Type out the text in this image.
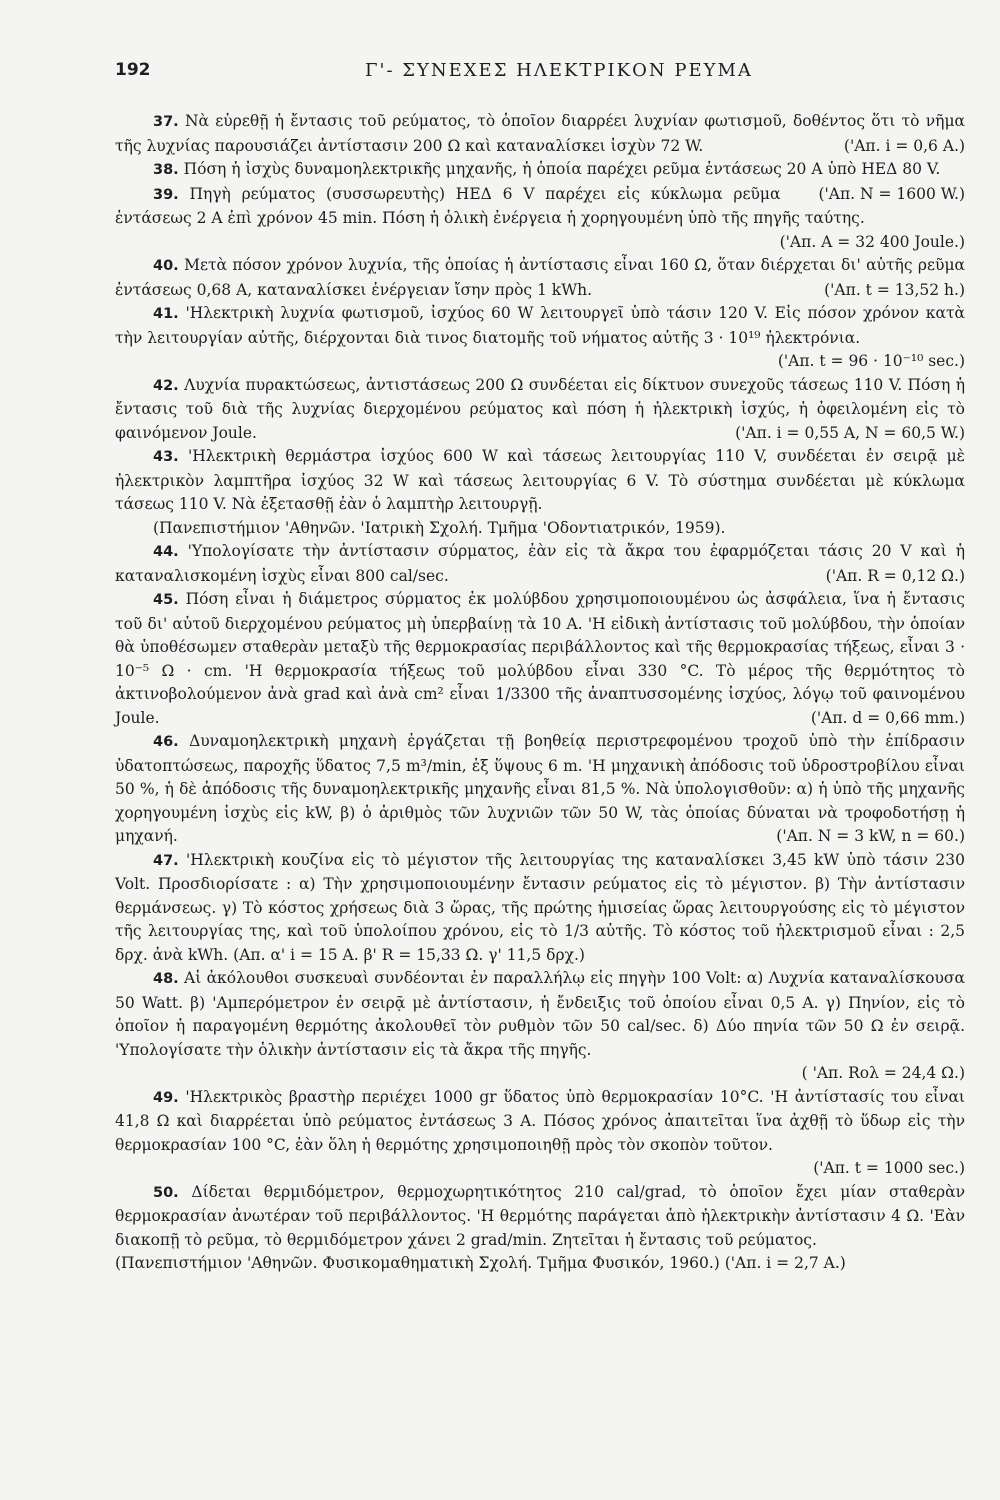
192	Γ'- ΣΥΝΕΧΕΣ ΗΛΕΚΤΡΙΚΟΝ ΡΕΥΜΑ

37. Νὰ εὑρεθῇ ἡ ἔντασις τοῦ ρεύματος, τὸ ὁποῖον διαρρέει λυχνίαν φωτισμοῦ, δοθέντος ὅτι τὸ νῆμα τῆς λυχνίας παρουσιάζει ἀντίστασιν 200 Ω καὶ καταναλίσκει ἰσχὺν 72 W.	('Απ. i = 0,6 Α.)

38. Πόση ἡ ἰσχὺς δυναμοηλεκτρικῆς μηχανῆς, ἡ ὁποία παρέχει ρεῦμα ἐντάσεως 20 Α ὑπὸ ΗΕΔ 80 V.
('Απ. N = 1600 W.)

39. Πηγὴ ρεύματος (συσσωρευτὴς) ΗΕΔ 6 V παρέχει εἰς κύκλωμα ρεῦμα ἐντάσεως 2 Α ἐπὶ χρόνον 45 min. Πόση ἡ ὁλικὴ ἐνέργεια ἡ χορηγουμένη ὑπὸ τῆς πηγῆς ταύτης.

('Απ. A = 32 400 Joule.)

40. Μετὰ πόσον χρόνον λυχνία, τῆς ὁποίας ἡ ἀντίστασις εἶναι 160 Ω, ὅταν διέρχεται δι' αὐτῆς ρεῦμα ἐντάσεως 0,68 Α, καταναλίσκει ἐνέργειαν ἴσην πρὸς 1 kWh.	('Απ. t = 13,52 h.)

41. 'Ηλεκτρικὴ λυχνία φωτισμοῦ, ἰσχύος 60 W λειτουργεῖ ὑπὸ τάσιν 120 V. Εἰς πόσον χρόνον κατὰ τὴν λειτουργίαν αὐτῆς, διέρχονται διὰ τινος διατομῆς τοῦ νήματος αὐτῆς 3 · 10¹⁹ ἠλεκτρόνια.

('Απ. t = 96 · 10⁻¹⁰ sec.)

42. Λυχνία πυρακτώσεως, ἀντιστάσεως 200 Ω συνδέεται εἰς δίκτυον συνεχοῦς τάσεως 110 V. Πόση ἡ ἔντασις τοῦ διὰ τῆς λυχνίας διερχομένου ρεύματος καὶ πόση ἡ ἠλεκτρικὴ ἰσχύς, ἡ ὀφειλομένη εἰς τὸ φαινόμενον Joule.	('Απ. i = 0,55 A, N = 60,5 W.)

43. 'Ηλεκτρικὴ θερμάστρα ἰσχύος 600 W καὶ τάσεως λειτουργίας 110 V, συνδέεται ἐν σειρᾷ μὲ ἠλεκτρικὸν λαμπτῆρα ἰσχύος 32 W καὶ τάσεως λειτουργίας 6 V. Τὸ σύστημα συνδέεται μὲ κύκλωμα τάσεως 110 V. Νὰ ἐξετασθῇ ἐὰν ὁ λαμπτὴρ λειτουργῇ.

(Πανεπιστήμιον 'Αθηνῶν. 'Ιατρικὴ Σχολή. Τμῆμα 'Οδοντιατρικόν, 1959).

44. 'Υπολογίσατε τὴν ἀντίστασιν σύρματος, ἐὰν εἰς τὰ ἄκρα του ἐφαρμόζεται τάσις 20 V καὶ ἡ καταναλισκομένη ἰσχὺς εἶναι 800 cal/sec.	('Απ. R = 0,12 Ω.)

45. Πόση εἶναι ἡ διάμετρος σύρματος ἐκ μολύβδου χρησιμοποιουμένου ὡς ἀσφάλεια, ἵνα ἡ ἔντασις τοῦ δι' αὐτοῦ διερχομένου ρεύματος μὴ ὑπερβαίνῃ τὰ 10 Α. 'Η εἰδικὴ ἀντίστασις τοῦ μολύβδου, τὴν ὁποίαν θὰ ὑποθέσωμεν σταθερὰν μεταξὺ τῆς θερμοκρασίας περιβάλλοντος καὶ τῆς θερμοκρασίας τήξεως, εἶναι 3 · 10⁻⁵ Ω · cm. 'Η θερμοκρασία τήξεως τοῦ μολύβδου εἶναι 330 °C. Τὸ μέρος τῆς θερμότητος τὸ ἀκτινοβολούμενον ἀνὰ grad καὶ ἀνὰ cm² εἶναι 1/3300 τῆς ἀναπτυσσομένης ἰσχύος, λόγῳ τοῦ φαινομένου Joule.	('Απ. d = 0,66 mm.)

46. Δυναμοηλεκτρικὴ μηχανὴ ἐργάζεται τῇ βοηθείᾳ περιστρεφομένου τροχοῦ ὑπὸ τὴν ἐπίδρασιν ὑδατοπτώσεως, παροχῆς ὕδατος 7,5 m³/min, ἐξ ὕψους 6 m. 'Η μηχανικὴ ἀπόδοσις τοῦ ὑδροστροβίλου εἶναι 50 %, ἡ δὲ ἀπόδοσις τῆς δυναμοηλεκτρικῆς μηχανῆς εἶναι 81,5 %. Νὰ ὑπολογισθοῦν: α) ἡ ὑπὸ τῆς μηχανῆς χορηγουμένη ἰσχὺς εἰς kW, β) ὁ ἀριθμὸς τῶν λυχνιῶν τῶν 50 W, τὰς ὁποίας δύναται νὰ τροφοδοτήσῃ ἡ μηχανή.	('Απ. N = 3 kW, n = 60.)

47. 'Ηλεκτρικὴ κουζίνα εἰς τὸ μέγιστον τῆς λειτουργίας της καταναλίσκει 3,45 kW ὑπὸ τάσιν 230 Volt. Προσδιορίσατε : α) Τὴν χρησιμοποιουμένην ἔντασιν ρεύματος εἰς τὸ μέγιστον. β) Τὴν ἀντίστασιν θερμάνσεως. γ) Τὸ κόστος χρήσεως διὰ 3 ὥρας, τῆς πρώτης ἡμισείας ὥρας λειτουργούσης εἰς τὸ μέγιστον τῆς λειτουργίας της, καὶ τοῦ ὑπολοίπου χρόνου, εἰς τὸ 1/3 αὐτῆς. Τὸ κόστος τοῦ ἠλεκτρισμοῦ εἶναι : 2,5 δρχ. ἀνὰ kWh. (Απ. α' i = 15 Α. β' R = 15,33 Ω. γ' 11,5 δρχ.)

48. Αἱ ἀκόλουθοι συσκευαὶ συνδέονται ἐν παραλλήλῳ εἰς πηγὴν 100 Volt: α) Λυχνία καταναλίσκουσα 50 Watt. β) 'Αμπερόμετρον ἐν σειρᾷ μὲ ἀντίστασιν, ἡ ἔνδειξις τοῦ ὁποίου εἶναι 0,5 Α. γ) Πηνίον, εἰς τὸ ὁποῖον ἡ παραγομένη θερμότης ἀκολουθεῖ τὸν ρυθμὸν τῶν 50 cal/sec. δ) Δύο πηνία τῶν 50 Ω ἐν σειρᾷ. 'Υπολογίσατε τὴν ὁλικὴν ἀντίστασιν εἰς τὰ ἄκρα τῆς πηγῆς.

( 'Απ. Rολ = 24,4 Ω.)

49. 'Ηλεκτρικὸς βραστὴρ περιέχει 1000 gr ὕδατος ὑπὸ θερμοκρασίαν 10°C. 'Η ἀντίστασίς του εἶναι 41,8 Ω καὶ διαρρέεται ὑπὸ ρεύματος ἐντάσεως 3 Α. Πόσος χρόνος ἀπαιτεῖται ἵνα ἀχθῇ τὸ ὕδωρ εἰς τὴν θερμοκρασίαν 100 °C, ἐὰν ὅλη ἡ θερμότης χρησιμοποιηθῇ πρὸς τὸν σκοπὸν τοῦτον.

('Απ. t = 1000 sec.)

50. Δίδεται θερμιδόμετρον, θερμοχωρητικότητος 210 cal/grad, τὸ ὁποῖον ἔχει μίαν σταθερὰν θερμοκρασίαν ἀνωτέραν τοῦ περιβάλλοντος. 'Η θερμότης παράγεται ἀπὸ ἠλεκτρικὴν ἀντίστασιν 4 Ω. 'Εὰν διακοπῇ τὸ ρεῦμα, τὸ θερμιδόμετρον χάνει 2 grad/min. Ζητεῖται ἡ ἔντασις τοῦ ρεύματος.

(Πανεπιστήμιον 'Αθηνῶν. Φυσικομαθηματικὴ Σχολή. Τμῆμα Φυσικόν, 1960.) ('Απ. i = 2,7 Α.)
